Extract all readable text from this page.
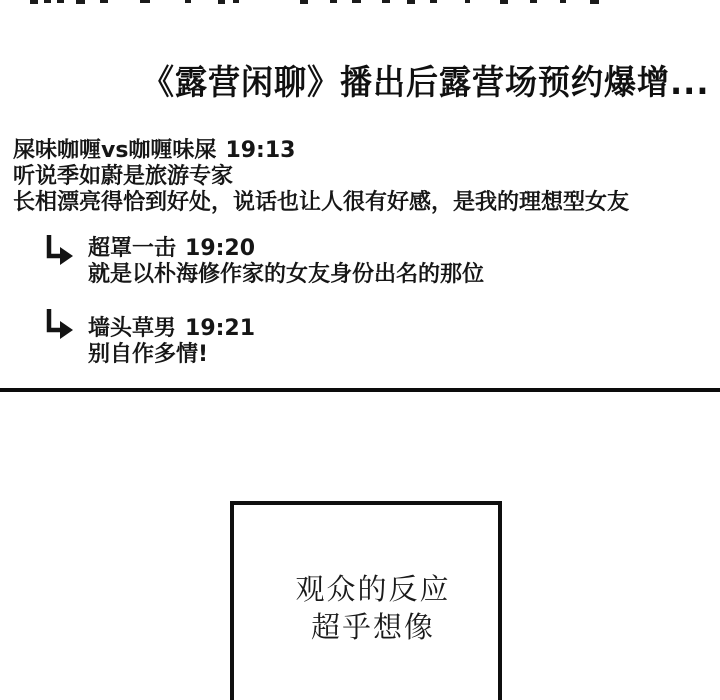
《露营闲聊》播出后露营场预约爆增...
屎味咖喱vs咖喱味屎 19:13
听说季如蔚是旅游专家
长相漂亮得恰到好处，说话也让人很有好感，是我的理想型女友
超罩一击 19:20
就是以朴海修作家的女友身份出名的那位
墙头草男 19:21
别自作多情!
观众的反应
超乎想像
